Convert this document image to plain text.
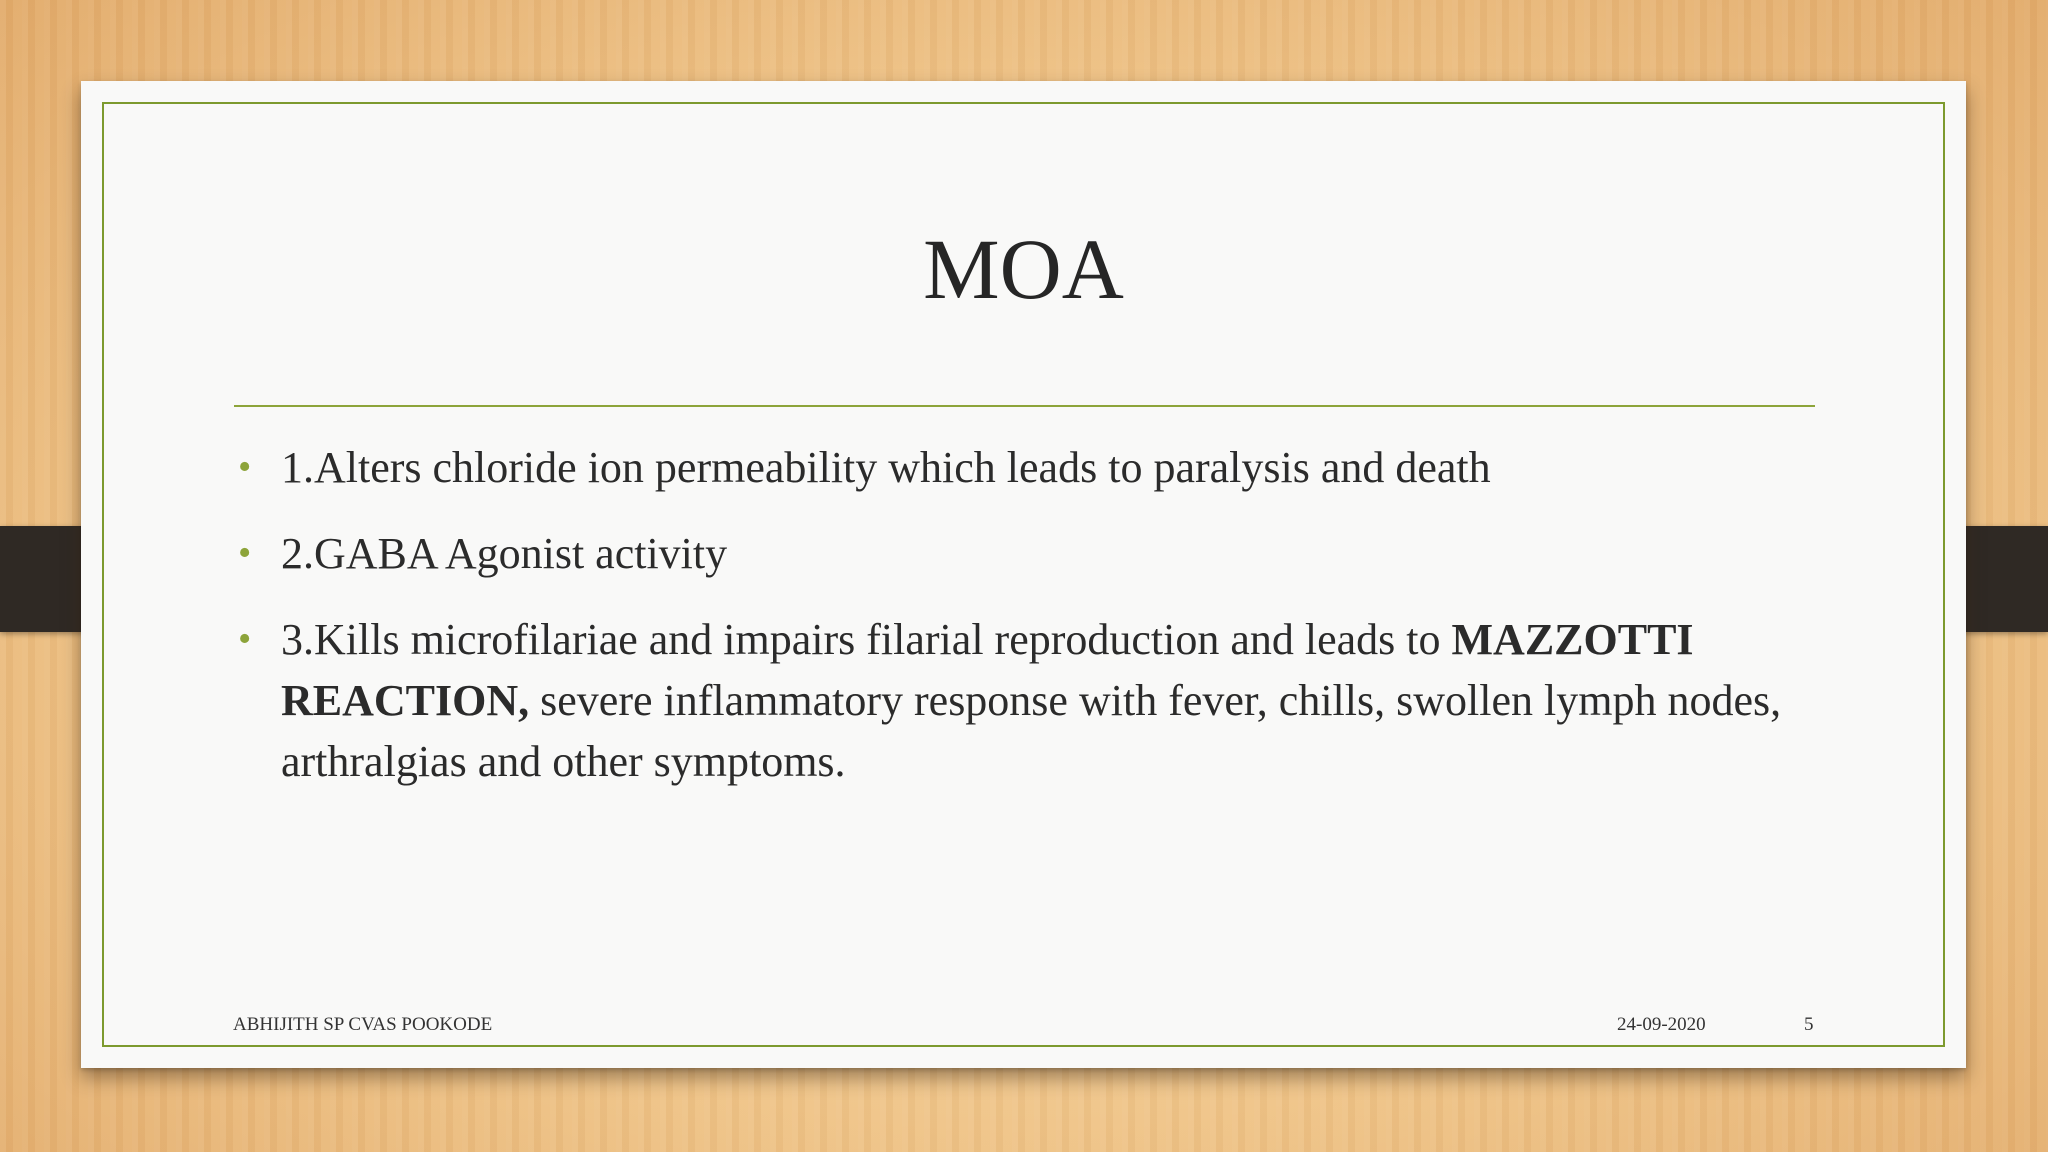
MOA
• 1.Alters chloride ion permeability which leads to paralysis and death
• 2.GABA Agonist activity
• 3.Kills microfilariae and impairs filarial reproduction and leads to MAZZOTTI REACTION, severe inflammatory response with fever, chills, swollen lymph nodes, arthralgias and other symptoms.
ABHIJITH SP CVAS POOKODE	24-09-2020	5
